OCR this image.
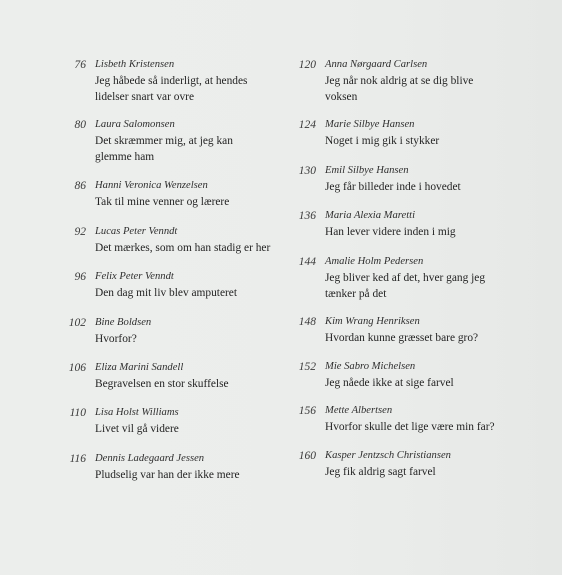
76 Lisbeth Kristensen
Jeg håbede så inderligt, at hendes
lidelser snart var ovre
80 Laura Salomonsen
Det skræmmer mig, at jeg kan
glemme ham
86 Hanni Veronica Wenzelsen
Tak til mine venner og lærere
92 Lucas Peter Venndt
Det mærkes, som om han stadig er her
96 Felix Peter Venndt
Den dag mit liv blev amputeret
102 Bine Boldsen
Hvorfor?
106 Eliza Marini Sandell
Begravelsen en stor skuffelse
110 Lisa Holst Williams
Livet vil gå videre
116 Dennis Ladegaard Jessen
Pludselig var han der ikke mere
120 Anna Nørgaard Carlsen
Jeg når nok aldrig at se dig blive
voksen
124 Marie Silbye Hansen
Noget i mig gik i stykker
130 Emil Silbye Hansen
Jeg får billeder inde i hovedet
136 Maria Alexia Maretti
Han lever videre inden i mig
144 Amalie Holm Pedersen
Jeg bliver ked af det, hver gang jeg
tænker på det
148 Kim Wrang Henriksen
Hvordan kunne græsset bare gro?
152 Mie Sabro Michelsen
Jeg nåede ikke at sige farvel
156 Mette Albertsen
Hvorfor skulle det lige være min far?
160 Kasper Jentzsch Christiansen
Jeg fik aldrig sagt farvel
